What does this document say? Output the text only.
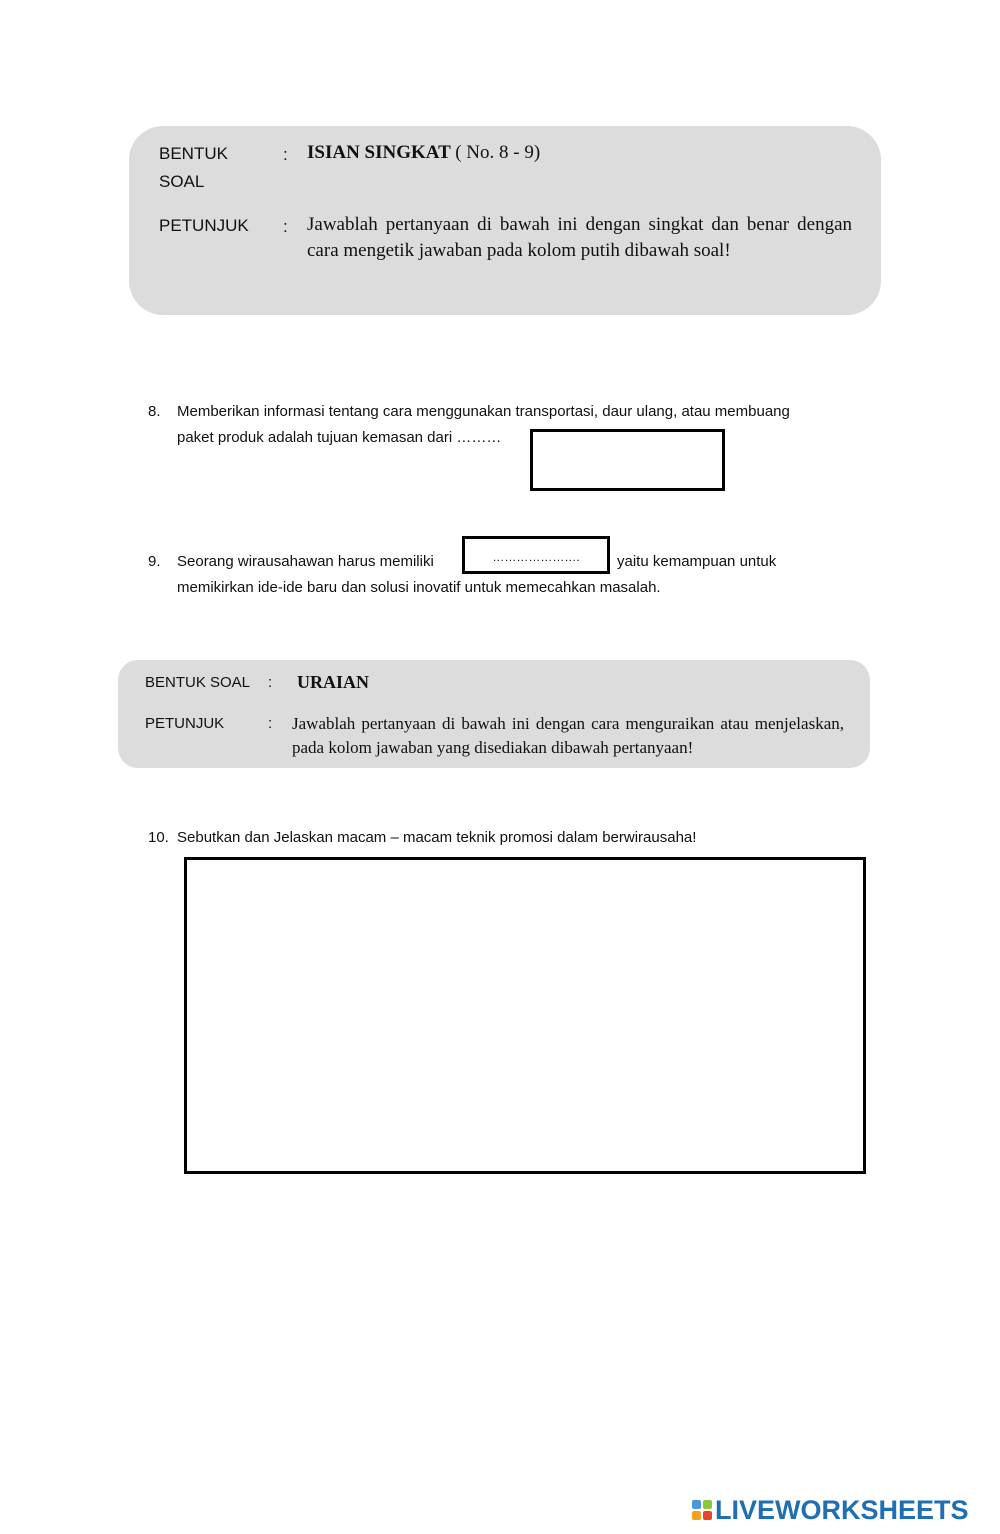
BENTUK
SOAL
: ISIAN SINGKAT ( No. 8 - 9)
PETUNJUK : Jawablah pertanyaan di bawah ini dengan singkat dan benar dengan cara mengetik jawaban pada kolom putih dibawah soal!
8. Memberikan informasi tentang cara menggunakan transportasi, daur ulang, atau membuang
paket produk adalah tujuan kemasan dari ………
9. Seorang wirausahawan harus memiliki	………………….	yaitu kemampuan untuk
memikirkan ide-ide baru dan solusi inovatif untuk memecahkan masalah.
BENTUK SOAL : URAIAN
PETUNJUK	: Jawablah pertanyaan di bawah ini dengan cara menguraikan atau menjelaskan, pada kolom jawaban yang disediakan dibawah pertanyaan!
10. Sebutkan dan Jelaskan macam – macam teknik promosi dalam berwirausaha!
LIVEWORKSHEETS
